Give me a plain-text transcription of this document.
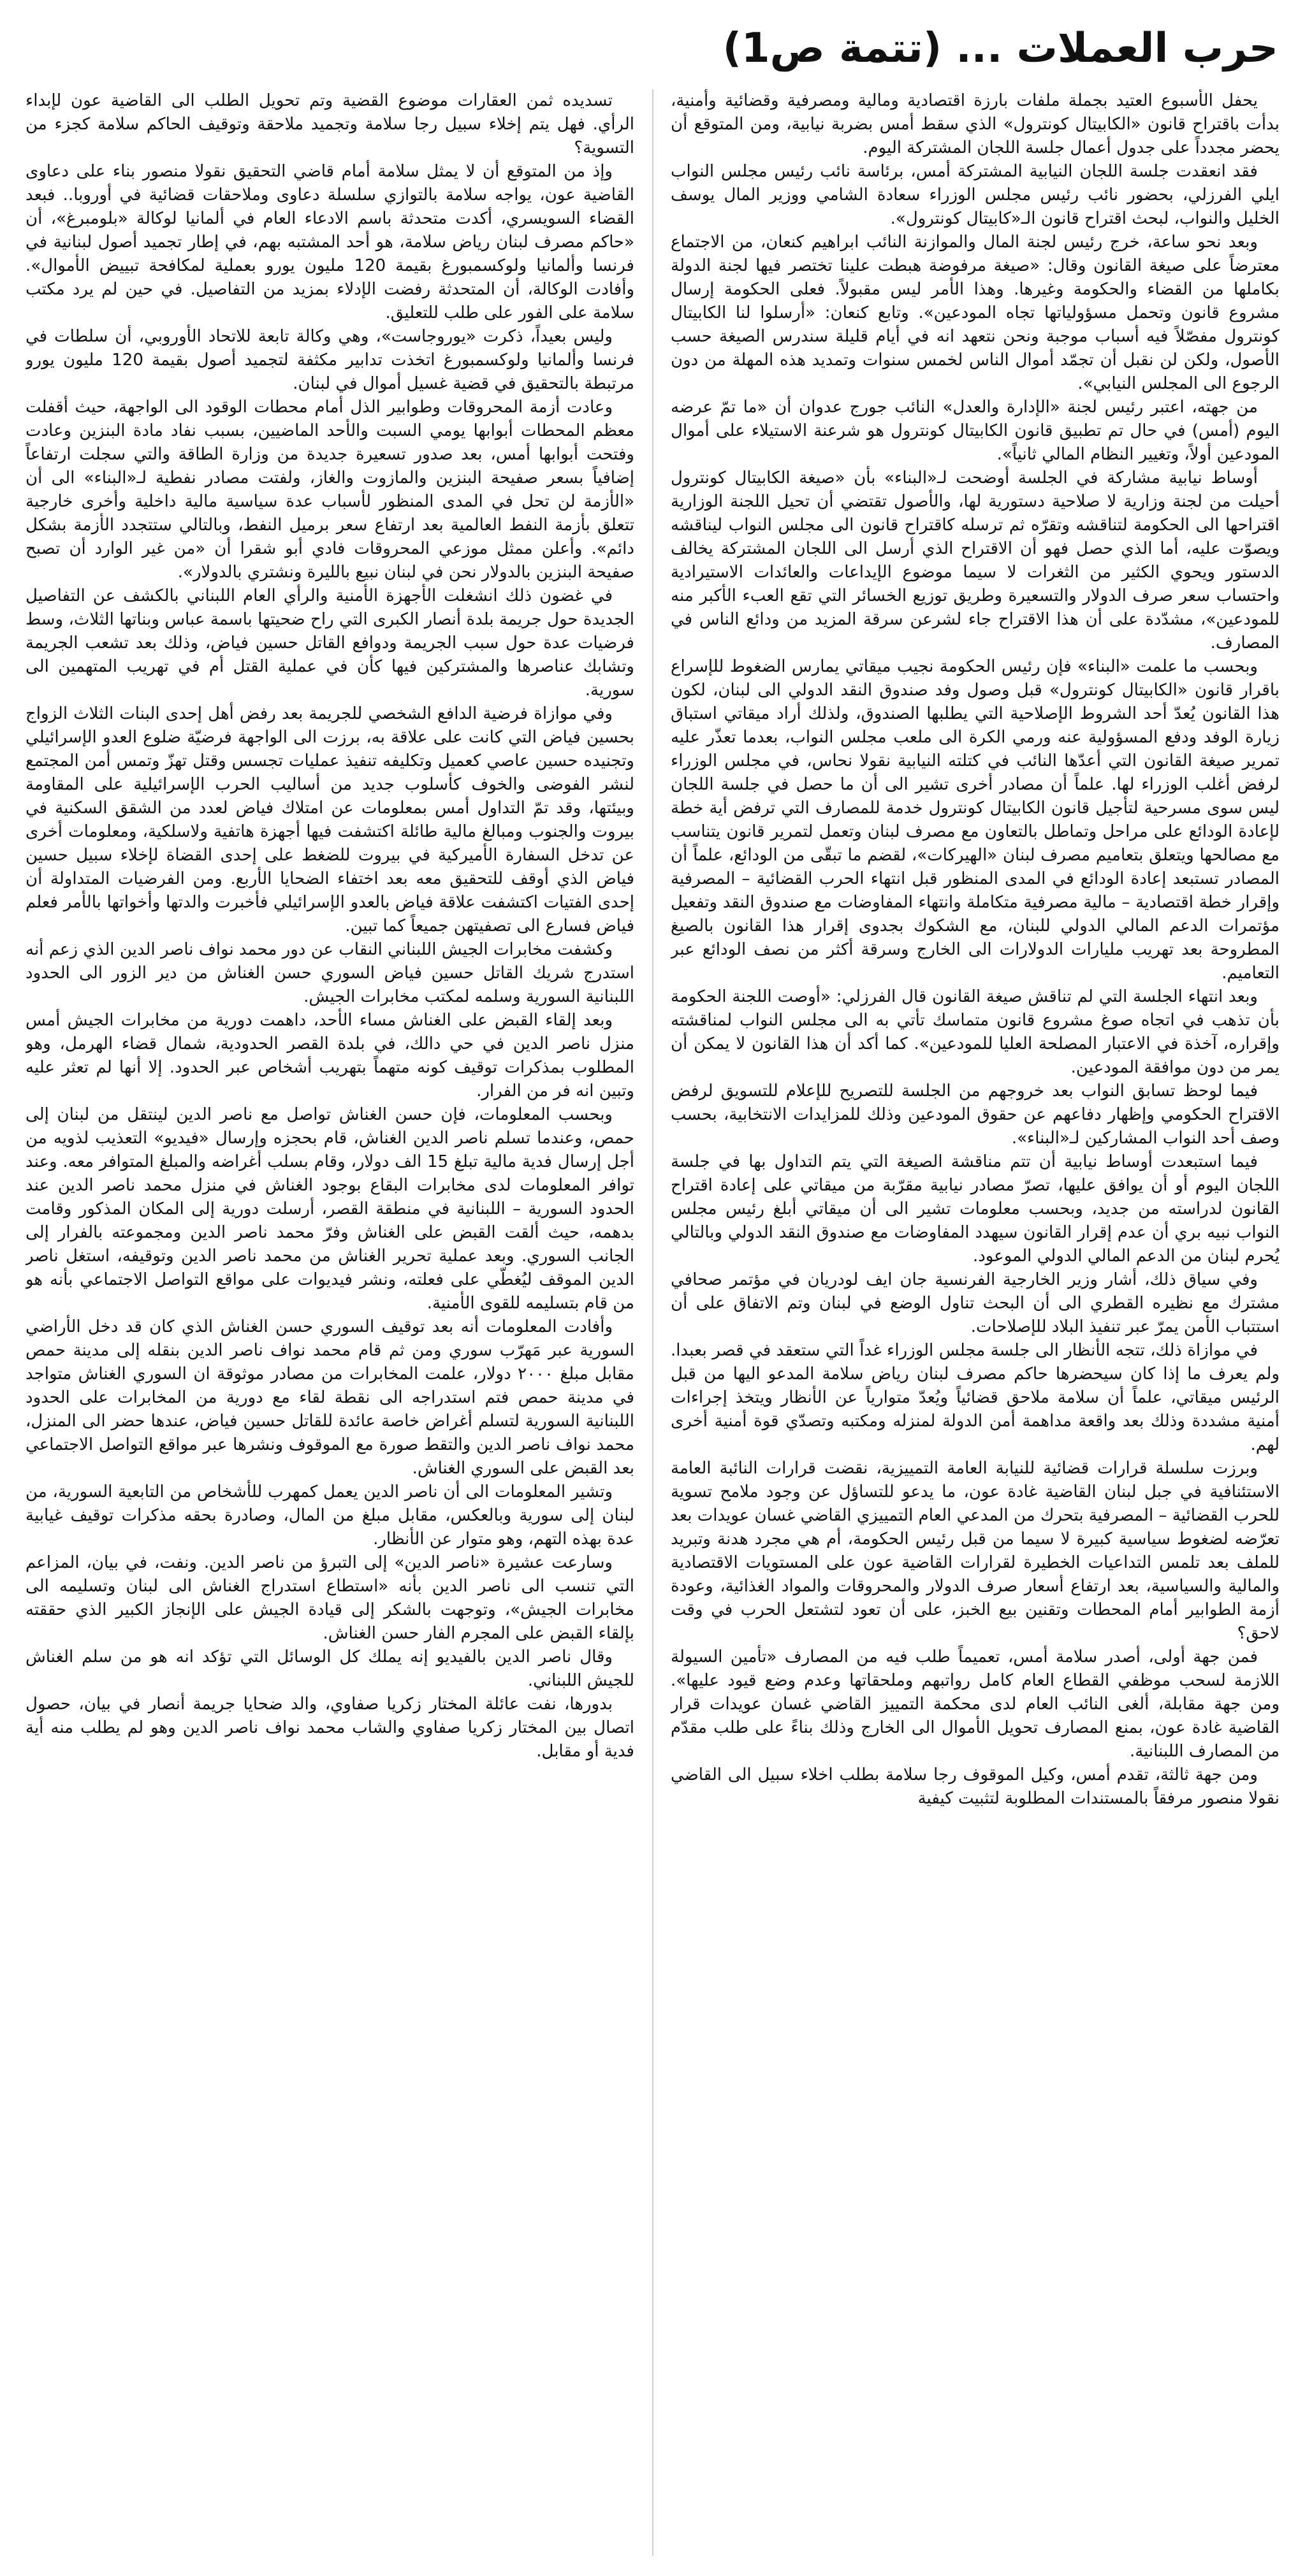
حرب العملات ... (تتمة ص1)

يحفل الأسبوع العتيد بجملة ملفات بارزة اقتصادية ومالية ومصرفية وقضائية وأمنية، بدأت باقتراح قانون «الكابيتال كونترول» الذي سقط أمس بضربة نيابية، ومن المتوقع أن يحضر مجدداً على جدول أعمال جلسة اللجان المشتركة اليوم.

فقد انعقدت جلسة اللجان النيابية المشتركة أمس، برئاسة نائب رئيس مجلس النواب ايلي الفرزلي، بحضور نائب رئيس مجلس الوزراء سعادة الشامي ووزير المال يوسف الخليل والنواب، لبحث اقتراح قانون الـ«كابيتال كونترول».

وبعد نحو ساعة، خرج رئيس لجنة المال والموازنة النائب ابراهيم كنعان، من الاجتماع معترضاً على صيغة القانون وقال: «صيغة مرفوضة هبطت علينا تختصر فيها لجنة الدولة بكاملها من القضاء والحكومة وغيرها. وهذا الأمر ليس مقبولاً. فعلى الحكومة إرسال مشروع قانون وتحمل مسؤولياتها تجاه المودعين». وتابع كنعان: «أرسلوا لنا الكابيتال كونترول مفصّلاً فيه أسباب موجبة ونحن نتعهد انه في أيام قليلة سندرس الصيغة حسب الأصول، ولكن لن نقبل أن تجمّد أموال الناس لخمس سنوات وتمديد هذه المهلة من دون الرجوع الى المجلس النيابي».

من جهته، اعتبر رئيس لجنة «الإدارة والعدل» النائب جورج عدوان أن «ما تمّ عرضه اليوم (أمس) في حال تم تطبيق قانون الكابيتال كونترول هو شرعنة الاستيلاء على أموال المودعين أولاً، وتغيير النظام المالي ثانياً».

أوساط نيابية مشاركة في الجلسة أوضحت لـ«البناء» بأن «صيغة الكابيتال كونترول أحيلت من لجنة وزارية لا صلاحية دستورية لها، والأصول تقتضي أن تحيل اللجنة الوزارية اقتراحها الى الحكومة لتناقشه وتقرّه ثم ترسله كاقتراح قانون الى مجلس النواب ليناقشه ويصوّت عليه، أما الذي حصل فهو أن الاقتراح الذي أرسل الى اللجان المشتركة يخالف الدستور ويحوي الكثير من الثغرات لا سيما موضوع الإيداعات والعائدات الاستيرادية واحتساب سعر صرف الدولار والتسعيرة وطريق توزيع الخسائر التي تقع العبء الأكبر منه للمودعين»، مشدّدة على أن هذا الاقتراح جاء لشرعن سرقة المزيد من ودائع الناس في المصارف.

وبحسب ما علمت «البناء» فإن رئيس الحكومة نجيب ميقاتي يمارس الضغوط للإسراع باقرار قانون «الكابيتال كونترول» قبل وصول وفد صندوق النقد الدولي الى لبنان، لكون هذا القانون يُعدّ أحد الشروط الإصلاحية التي يطلبها الصندوق، ولذلك أراد ميقاتي استباق زيارة الوفد ودفع المسؤولية عنه ورمي الكرة الى ملعب مجلس النواب، بعدما تعذّر عليه تمرير صيغة القانون التي أعدّها النائب في كتلته النيابية نقولا نحاس، في مجلس الوزراء لرفض أغلب الوزراء لها. علماً أن مصادر أخرى تشير الى أن ما حصل في جلسة اللجان ليس سوى مسرحية لتأجيل قانون الكابيتال كونترول خدمة للمصارف التي ترفض أية خطة لإعادة الودائع على مراحل وتماطل بالتعاون مع مصرف لبنان وتعمل لتمرير قانون يتناسب مع مصالحها ويتعلق بتعاميم مصرف لبنان «الهيركات»، لقضم ما تبقّى من الودائع، علماً أن المصادر تستبعد إعادة الودائع في المدى المنظور قبل انتهاء الحرب القضائية – المصرفية وإقرار خطة اقتصادية – مالية مصرفية متكاملة وانتهاء المفاوضات مع صندوق النقد وتفعيل مؤتمرات الدعم المالي الدولي للبنان، مع الشكوك بجدوى إقرار هذا القانون بالصيغ المطروحة بعد تهريب مليارات الدولارات الى الخارج وسرقة أكثر من نصف الودائع عبر التعاميم.

وبعد انتهاء الجلسة التي لم تناقش صيغة القانون قال الفرزلي: «أوصت اللجنة الحكومة بأن تذهب في اتجاه صوغ مشروع قانون متماسك تأتي به الى مجلس النواب لمناقشته وإقراره، آخذة في الاعتبار المصلحة العليا للمودعين». كما أكد أن هذا القانون لا يمكن أن يمر من دون موافقة المودعين.

فيما لوحظ تسابق النواب بعد خروجهم من الجلسة للتصريح للإعلام للتسويق لرفض الاقتراح الحكومي وإظهار دفاعهم عن حقوق المودعين وذلك للمزايدات الانتخابية، بحسب وصف أحد النواب المشاركين لـ«البناء».

فيما استبعدت أوساط نيابية أن تتم مناقشة الصيغة التي يتم التداول بها في جلسة اللجان اليوم أو أن يوافق عليها، تصرّ مصادر نيابية مقرّبة من ميقاتي على إعادة اقتراح القانون لدراسته من جديد، وبحسب معلومات تشير الى أن ميقاتي أبلغ رئيس مجلس النواب نبيه بري أن عدم إقرار القانون سيهدد المفاوضات مع صندوق النقد الدولي وبالتالي يُحرم لبنان من الدعم المالي الدولي الموعود.

وفي سياق ذلك، أشار وزير الخارجية الفرنسية جان ايف لودريان في مؤتمر صحافي مشترك مع نظيره القطري الى أن البحث تناول الوضع في لبنان وتم الاتفاق على أن استتباب الأمن يمرّ عبر تنفيذ البلاد للإصلاحات.

في موازاة ذلك، تتجه الأنظار الى جلسة مجلس الوزراء غداً التي ستعقد في قصر بعبدا. ولم يعرف ما إذا كان سيحضرها حاكم مصرف لبنان رياض سلامة المدعو اليها من قبل الرئيس ميقاتي، علماً أن سلامة ملاحق قضائياً ويُعدّ متوارياً عن الأنظار ويتخذ إجراءات أمنية مشددة وذلك بعد واقعة مداهمة أمن الدولة لمنزله ومكتبه وتصدّي قوة أمنية أخرى لهم.

وبرزت سلسلة قرارات قضائية للنيابة العامة التمييزية، نقضت قرارات النائبة العامة الاستئنافية في جبل لبنان القاضية غادة عون، ما يدعو للتساؤل عن وجود ملامح تسوية للحرب القضائية – المصرفية بتحرك من المدعي العام التمييزي القاضي غسان عويدات بعد تعرّضه لضغوط سياسية كبيرة لا سيما من قبل رئيس الحكومة، أم هي مجرد هدنة وتبريد للملف بعد تلمس التداعيات الخطيرة لقرارات القاضية عون على المستويات الاقتصادية والمالية والسياسية، بعد ارتفاع أسعار صرف الدولار والمحروقات والمواد الغذائية، وعودة أزمة الطوابير أمام المحطات وتقنين بيع الخبز، على أن تعود لتشتعل الحرب في وقت لاحق؟

فمن جهة أولى، أصدر سلامة أمس، تعميماً طلب فيه من المصارف «تأمين السيولة اللازمة لسحب موظفي القطاع العام كامل رواتبهم وملحقاتها وعدم وضع قيود عليها». ومن جهة مقابلة، ألغى النائب العام لدى محكمة التمييز القاضي غسان عويدات قرار القاضية غادة عون، بمنع المصارف تحويل الأموال الى الخارج وذلك بناءً على طلب مقدّم من المصارف اللبنانية.

ومن جهة ثالثة، تقدم أمس، وكيل الموقوف رجا سلامة بطلب اخلاء سبيل الى القاضي نقولا منصور مرفقاً بالمستندات المطلوبة لتثبيت كيفية

تسديده ثمن العقارات موضوع القضية وتم تحويل الطلب الى القاضية عون لإبداء الرأي. فهل يتم إخلاء سبيل رجا سلامة وتجميد ملاحقة وتوقيف الحاكم سلامة كجزء من التسوية؟

وإذ من المتوقع أن لا يمثل سلامة أمام قاضي التحقيق نقولا منصور بناء على دعاوى القاضية عون، يواجه سلامة بالتوازي سلسلة دعاوى وملاحقات قضائية في أوروبا.. فبعد القضاء السويسري، أكدت متحدثة باسم الادعاء العام في ألمانيا لوكالة «بلومبرغ»، أن «حاكم مصرف لبنان رياض سلامة، هو أحد المشتبه بهم، في إطار تجميد أصول لبنانية في فرنسا وألمانيا ولوكسمبورغ بقيمة 120 مليون يورو بعملية لمكافحة تبييض الأموال». وأفادت الوكالة، أن المتحدثة رفضت الإدلاء بمزيد من التفاصيل. في حين لم يرد مكتب سلامة على الفور على طلب للتعليق.

وليس بعيداً، ذكرت «يوروجاست»، وهي وكالة تابعة للاتحاد الأوروبي، أن سلطات في فرنسا وألمانيا ولوكسمبورغ اتخذت تدابير مكثفة لتجميد أصول بقيمة 120 مليون يورو مرتبطة بالتحقيق في قضية غسيل أموال في لبنان.

وعادت أزمة المحروقات وطوابير الذل أمام محطات الوقود الى الواجهة، حيث أقفلت معظم المحطات أبوابها يومي السبت والأحد الماضيين، بسبب نفاد مادة البنزين وعادت وفتحت أبوابها أمس، بعد صدور تسعيرة جديدة من وزارة الطاقة والتي سجلت ارتفاعاً إضافياً بسعر صفيحة البنزين والمازوت والغاز، ولفتت مصادر نفطية لـ«البناء» الى أن «الأزمة لن تحل في المدى المنظور لأسباب عدة سياسية مالية داخلية وأخرى خارجية تتعلق بأزمة النفط العالمية بعد ارتفاع سعر برميل النفط، وبالتالي ستتجدد الأزمة بشكل دائم». وأعلن ممثل موزعي المحروقات فادي أبو شقرا أن «من غير الوارد أن تصبح صفيحة البنزين بالدولار نحن في لبنان نبيع بالليرة ونشتري بالدولار».

في غضون ذلك انشغلت الأجهزة الأمنية والرأي العام اللبناني بالكشف عن التفاصيل الجديدة حول جريمة بلدة أنصار الكبرى التي راح ضحيتها باسمة عباس وبناتها الثلاث، وسط فرضيات عدة حول سبب الجريمة ودوافع القاتل حسين فياض، وذلك بعد تشعب الجريمة وتشابك عناصرها والمشتركين فيها كأن في عملية القتل أم في تهريب المتهمين الى سورية.

وفي موازاة فرضية الدافع الشخصي للجريمة بعد رفض أهل إحدى البنات الثلاث الزواج بحسين فياض التي كانت على علاقة به، برزت الى الواجهة فرضيّة ضلوع العدو الإسرائيلي وتجنيده حسين عاصي كعميل وتكليفه تنفيذ عمليات تجسس وقتل تهزّ وتمس أمن المجتمع لنشر الفوضى والخوف كأسلوب جديد من أساليب الحرب الإسرائيلية على المقاومة وبيئتها، وقد تمّ التداول أمس بمعلومات عن امتلاك فياض لعدد من الشقق السكنية في بيروت والجنوب ومبالغ مالية طائلة اكتشفت فيها أجهزة هاتفية ولاسلكية، ومعلومات أخرى عن تدخل السفارة الأميركية في بيروت للضغط على إحدى القضاة لإخلاء سبيل حسين فياض الذي أوقف للتحقيق معه بعد اختفاء الضحايا الأربع. ومن الفرضيات المتداولة أن إحدى الفتيات اكتشفت علاقة فياض بالعدو الإسرائيلي فأخبرت والدتها وأخواتها بالأمر فعلم فياض فسارع الى تصفيتهن جميعاً كما تبين.

وكشفت مخابرات الجيش اللبناني النقاب عن دور محمد نواف ناصر الدين الذي زعم أنه استدرج شريك القاتل حسين فياض السوري حسن الغناش من دير الزور الى الحدود اللبنانية السورية وسلمه لمكتب مخابرات الجيش.

وبعد إلقاء القبض على الغناش مساء الأحد، داهمت دورية من مخابرات الجيش أمس منزل ناصر الدين في حي دالك، في بلدة القصر الحدودية، شمال قضاء الهرمل، وهو المطلوب بمذكرات توقيف كونه متهماً بتهريب أشخاص عبر الحدود. إلا أنها لم تعثر عليه وتبين انه فر من الفرار.

وبحسب المعلومات، فإن حسن الغناش تواصل مع ناصر الدين لينتقل من لبنان إلى حمص، وعندما تسلم ناصر الدين الغناش، قام بحجزه وإرسال «فيديو» التعذيب لذويه من أجل إرسال فدية مالية تبلغ 15 الف دولار، وقام بسلب أغراضه والمبلغ المتوافر معه. وعند توافر المعلومات لدى مخابرات البقاع بوجود الغناش في منزل محمد ناصر الدين عند الحدود السورية – اللبنانية في منطقة القصر، أرسلت دورية إلى المكان المذكور وقامت بدهمه، حيث ألقت القبض على الغناش وفرّ محمد ناصر الدين ومجموعته بالفرار إلى الجانب السوري. وبعد عملية تحرير الغناش من محمد ناصر الدين وتوقيفه، استغل ناصر الدين الموقف ليُغطّي على فعلته، ونشر فيديوات على مواقع التواصل الاجتماعي بأنه هو من قام بتسليمه للقوى الأمنية.

وأفادت المعلومات أنه بعد توقيف السوري حسن الغناش الذي كان قد دخل الأراضي السورية عبر مَهرّب سوري ومن ثم قام محمد نواف ناصر الدين بنقله إلى مدينة حمص مقابل مبلغ ٢٠٠٠ دولار، علمت المخابرات من مصادر موثوقة ان السوري الغناش متواجد في مدينة حمص فتم استدراجه الى نقطة لقاء مع دورية من المخابرات على الحدود اللبنانية السورية لتسلم أغراض خاصة عائدة للقاتل حسين فياض، عندها حضر الى المنزل، محمد نواف ناصر الدين والتقط صورة مع الموقوف ونشرها عبر مواقع التواصل الاجتماعي بعد القبض على السوري الغناش.

وتشير المعلومات الى أن ناصر الدين يعمل كمهرب للأشخاص من التابعية السورية، من لبنان إلى سورية وبالعكس، مقابل مبلغ من المال، وصادرة بحقه مذكرات توقيف غيابية عدة بهذه التهم، وهو متوار عن الأنظار.

وسارعت عشيرة «ناصر الدين» إلى التبرؤ من ناصر الدين. ونفت، في بيان، المزاعم التي تنسب الى ناصر الدين بأنه «استطاع استدراج الغناش الى لبنان وتسليمه الى مخابرات الجيش»، وتوجهت بالشكر إلى قيادة الجيش على الإنجاز الكبير الذي حققته بإلقاء القبض على المجرم الفار حسن الغناش.

وقال ناصر الدين بالفيديو إنه يملك كل الوسائل التي تؤكد انه هو من سلم الغناش للجيش اللبناني.

بدورها، نفت عائلة المختار زكريا صفاوي، والد ضحايا جريمة أنصار في بيان، حصول اتصال بين المختار زكريا صفاوي والشاب محمد نواف ناصر الدين وهو لم يطلب منه أية فدية أو مقابل.
